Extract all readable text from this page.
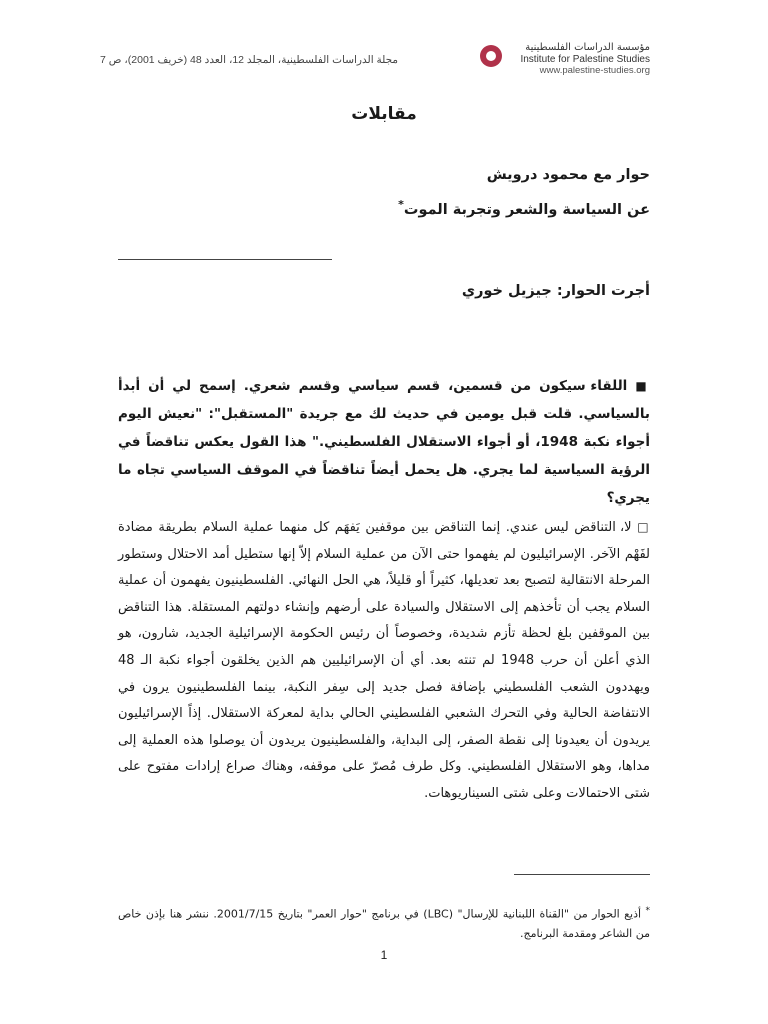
مجلة الدراسات الفلسطينية، المجلد 12، العدد 48 (خريف 2001)، ص 7
مؤسسة الدراسات الفلسطينية
Institute for Palestine Studies
www.palestine-studies.org
مقابلات
حوار مع محمود درويش
عن السياسة والشعر وتجربة الموت*
أجرت الحوار: جيزيل خوري

■ اللقاء سيكون من قسمين، قسم سياسي وقسم شعري. إسمح لي أن أبدأ بالسياسي. قلت قبل يومين في حديث لك مع جريدة "المستقبل": "نعيش اليوم أجواء نكبة 1948، أو أجواء الاستقلال الفلسطيني." هذا القول يعكس تناقضاً في الرؤية السياسية لما يجري. هل يحمل أيضاً تناقضاً في الموقف السياسي تجاه ما يجري؟

□ لا، التناقض ليس عندي. إنما التناقض بين موقفين يَفهَم كل منهما عملية السلام بطريقة مضادة لفَهْم الآخر. الإسرائيليون لم يفهموا حتى الآن من عملية السلام إلاّ إنها ستطيل أمد الاحتلال وستطور المرحلة الانتقالية لتصبح بعد تعديلها، كثيراً أو قليلاً، هي الحل النهائي. الفلسطينيون يفهمون أن عملية السلام يجب أن تأخذهم إلى الاستقلال والسيادة على أرضهم وإنشاء دولتهم المستقلة. هذا التناقض بين الموقفين بلغ لحظة تأزم شديدة، وخصوصاً أن رئيس الحكومة الإسرائيلية الجديد، شارون، هو الذي أعلن أن حرب 1948 لم تنته بعد. أي أن الإسرائيليين هم الذين يخلقون أجواء نكبة الـ 48 ويهددون الشعب الفلسطيني بإضافة فصل جديد إلى سِفر النكبة، بينما الفلسطينيون يرون في الانتفاضة الحالية وفي التحرك الشعبي الفلسطيني الحالي بداية لمعركة الاستقلال. إذاً الإسرائيليون يريدون أن يعيدونا إلى نقطة الصفر، إلى البداية، والفلسطينيون يريدون أن يوصلوا هذه العملية إلى مداها، وهو الاستقلال الفلسطيني. وكل طرف مُصرّ على موقفه، وهناك صراع إرادات مفتوح على شتى الاحتمالات وعلى شتى السيناريوهات.

* أذيع الحوار من "القناة اللبنانية للإرسال" (LBC) في برنامج "حوار العمر" بتاريخ 2001/7/15. ننشر هنا بإذن خاص من الشاعر ومقدمة البرنامج.
1
